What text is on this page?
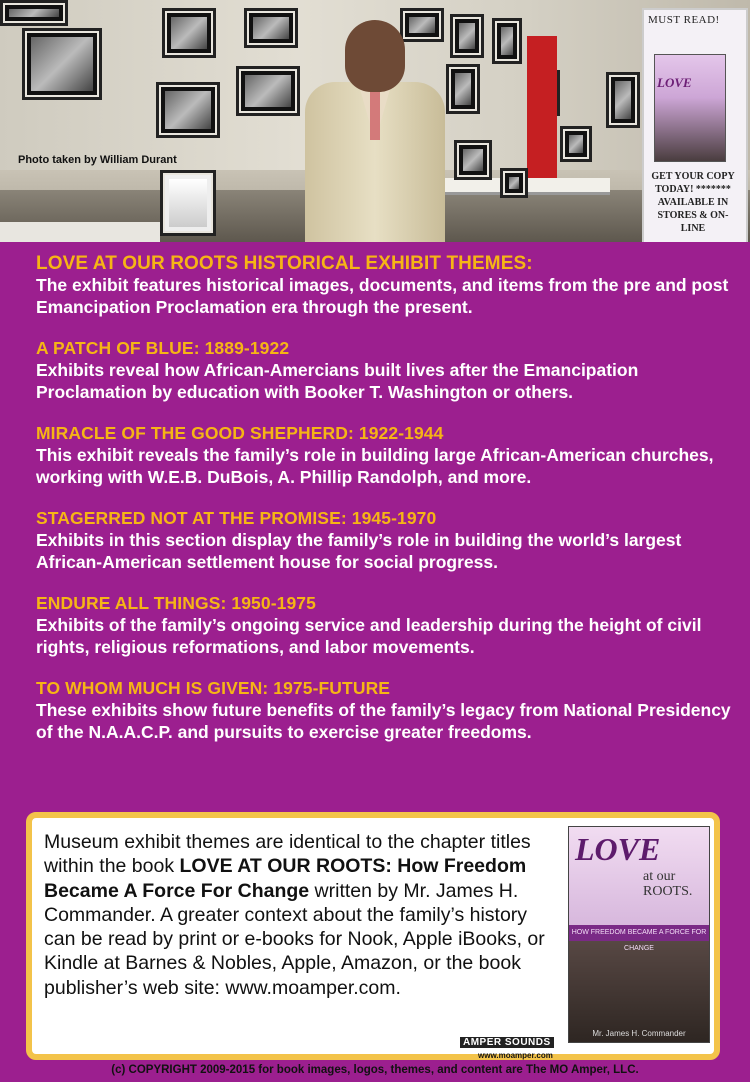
MUST READ!
LOVE
GET YOUR COPY TODAY! ******* AVAILABLE IN STORES & ON-LINE
Photo taken by William Durant
LOVE AT OUR ROOTS HISTORICAL EXHIBIT THEMES:
The exhibit features historical images, documents, and items from the pre and post Emancipation Proclamation era through the present.
A PATCH OF BLUE: 1889-1922
Exhibits reveal how African-Amercians built lives after the Emancipation Proclamation by education with Booker T. Washington or others.
MIRACLE OF THE GOOD SHEPHERD: 1922-1944
This exhibit reveals the family’s role in building large African-American churches, working with W.E.B. DuBois, A. Phillip Randolph, and more.
STAGERRED NOT AT THE PROMISE: 1945-1970
Exhibits in this section display the family’s role in building the world’s largest African-American settlement house for social progress.
ENDURE ALL THINGS: 1950-1975
Exhibits of the family’s ongoing service and leadership during the height of civil rights, religious reformations, and labor movements.
TO WHOM MUCH IS GIVEN: 1975-FUTURE
These exhibits show future benefits of the family’s legacy from National Presidency of the N.A.A.C.P. and pursuits to exercise greater freedoms.
Museum exhibit themes are identical to the chapter titles within the book LOVE AT OUR ROOTS: How Freedom Became A Force For Change written by Mr. James H. Commander. A greater context about the family’s history can be read by print or e-books for Nook, Apple iBooks, or Kindle at Barnes & Nobles, Apple, Amazon, or the book publisher’s web site: www.moamper.com.
LOVE
at our ROOTS.
HOW FREEDOM BECAME A FORCE FOR CHANGE
Mr. James H. Commander
AMPER SOUNDS
www.moamper.com
(c) COPYRIGHT 2009-2015 for book images, logos, themes, and content are The MO Amper, LLC.
